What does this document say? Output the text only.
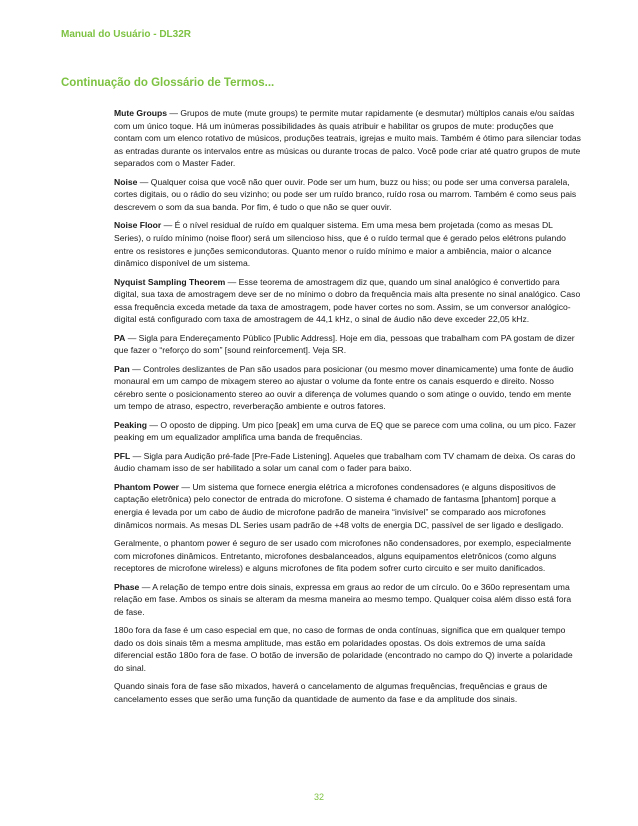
Manual do Usuário - DL32R
Continuação do Glossário de Termos...

Mute Groups — Grupos de mute (mute groups) te permite mutar rapidamente (e desmutar) múltiplos canais e/ou saídas com um único toque. Há um inúmeras possibilidades às quais atribuir e habilitar os grupos de mute: produções que contam com um elenco rotativo de músicos, produções teatrais, igrejas e muito mais. Também é ótimo para silenciar todas as entradas durante os intervalos entre as músicas ou durante trocas de palco. Você pode criar até quatro grupos de mute separados com o Master Fader.

Noise — Qualquer coisa que você não quer ouvir. Pode ser um hum, buzz ou hiss; ou pode ser uma conversa paralela, cortes digitais, ou o rádio do seu vizinho; ou pode ser um ruído branco, ruído rosa ou marrom. Também é como seus pais descrevem o som da sua banda. Por fim, é tudo o que não se quer ouvir.

Noise Floor — É o nível residual de ruído em qualquer sistema. Em uma mesa bem projetada (como as mesas DL Series), o ruído mínimo (noise floor) será um silencioso hiss, que é o ruído termal que é gerado pelos elétrons pulando entre os resistores e junções semicondutoras. Quanto menor o ruído mínimo e maior a ambiência, maior o alcance dinâmico disponível de um sistema.

Nyquist Sampling Theorem — Esse teorema de amostragem diz que, quando um sinal analógico é convertido para digital, sua taxa de amostragem deve ser de no mínimo o dobro da frequência mais alta presente no sinal analógico. Caso essa frequência exceda metade da taxa de amostragem, pode haver cortes no som. Assim, se um conversor analógico-digital está configurado com taxa de amostragem de 44,1 kHz, o sinal de áudio não deve exceder 22,05 kHz.

PA — Sigla para Endereçamento Público [Public Address]. Hoje em dia, pessoas que trabalham com PA gostam de dizer que fazer o “reforço do som” [sound reinforcement]. Veja SR.

Pan — Controles deslizantes de Pan são usados para posicionar (ou mesmo mover dinamicamente) uma fonte de áudio monaural em um campo de mixagem stereo ao ajustar o volume da fonte entre os canais esquerdo e direito. Nosso cérebro sente o posicionamento stereo ao ouvir a diferença de volumes quando o som atinge o ouvido, tendo em mente um tempo de atraso, espectro, reverberação ambiente e outros fatores.

Peaking — O oposto de dipping. Um pico [peak] em uma curva de EQ que se parece com uma colina, ou um pico. Fazer peaking em um equalizador amplifica uma banda de frequências.

PFL — Sigla para Audição pré-fade [Pre-Fade Listening]. Aqueles que trabalham com TV chamam de deixa. Os caras do áudio chamam isso de ser habilitado a solar um canal com o fader para baixo.

Phantom Power — Um sistema que fornece energia elétrica a microfones condensadores (e alguns dispositivos de captação eletrônica) pelo conector de entrada do microfone. O sistema é chamado de fantasma [phantom] porque a energia é levada por um cabo de áudio de microfone padrão de maneira “invisível” se comparado aos microfones dinâmicos normais. As mesas DL Series usam padrão de +48 volts de energia DC, passível de ser ligado e desligado.

Geralmente, o phantom power é seguro de ser usado com microfones não condensadores, por exemplo, especialmente com microfones dinâmicos. Entretanto, microfones desbalanceados, alguns equipamentos eletrônicos (como alguns receptores de microfone wireless) e alguns microfones de fita podem sofrer curto circuito e ser muito danificados.

Phase — A relação de tempo entre dois sinais, expressa em graus ao redor de um círculo. 0o e 360o representam uma relação em fase. Ambos os sinais se alteram da mesma maneira ao mesmo tempo. Qualquer coisa além disso está fora de fase.

180o fora da fase é um caso especial em que, no caso de formas de onda contínuas, significa que em qualquer tempo dado os dois sinais têm a mesma amplitude, mas estão em polaridades opostas. Os dois extremos de uma saída diferencial estão 180o fora de fase. O botão de inversão de polaridade (encontrado no campo do Q) inverte a polaridade do sinal.

Quando sinais fora de fase são mixados, haverá o cancelamento de algumas frequências, frequências e graus de cancelamento esses que serão uma função da quantidade de aumento da fase e da amplitude dos sinais.

32
